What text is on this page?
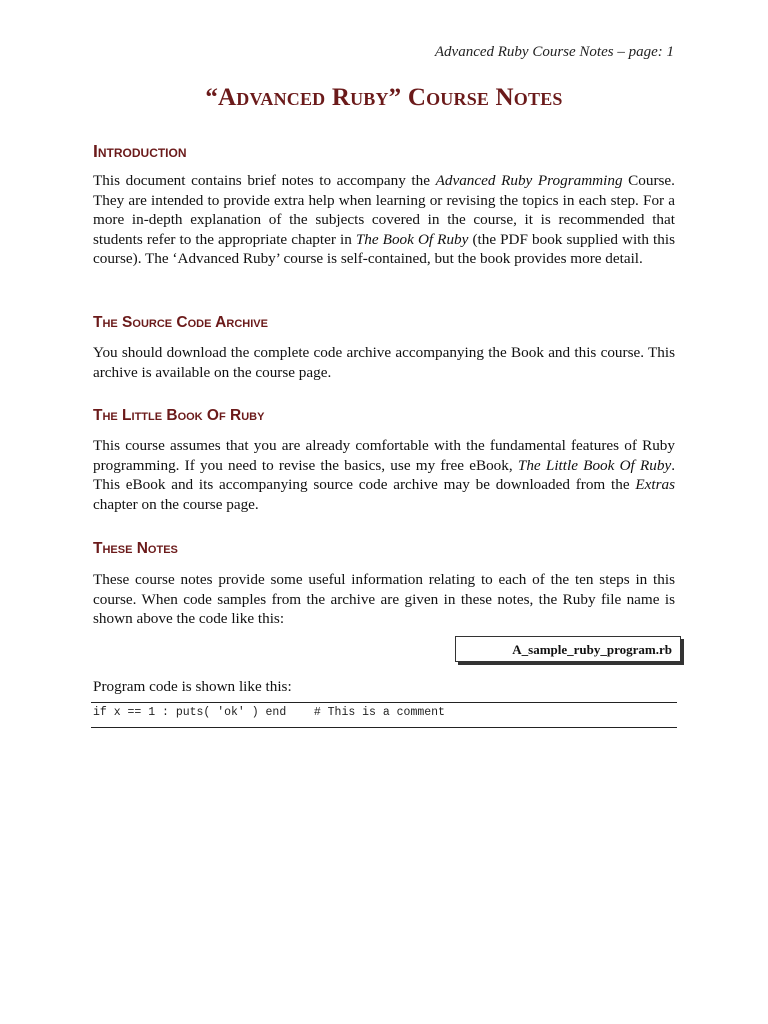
Advanced Ruby Course Notes – page: 1
“Advanced Ruby” Course Notes
Introduction

This document contains brief notes to accompany the Advanced Ruby Programming Course. They are intended to provide extra help when learning or revising the topics in each step. For a more in-depth explanation of the subjects covered in the course, it is recommended that students refer to the appropriate chapter in The Book Of Ruby (the PDF book supplied with this course). The ‘Advanced Ruby’ course is self-contained, but the book provides more detail.

The Source Code Archive

You should download the complete code archive accompanying the Book and this course. This archive is available on the course page.

The Little Book Of Ruby

This course assumes that you are already comfortable with the fundamental features of Ruby programming. If you need to revise the basics, use my free eBook, The Little Book Of Ruby. This eBook and its accompanying source code archive may be downloaded from the Extras chapter on the course page.

These Notes

These course notes provide some useful information relating to each of the ten steps in this course. When code samples from the archive are given in these notes, the Ruby file name is shown above the code like this:

A_sample_ruby_program.rb

Program code is shown like this:

if x == 1 : puts( 'ok' ) end    # This is a comment
